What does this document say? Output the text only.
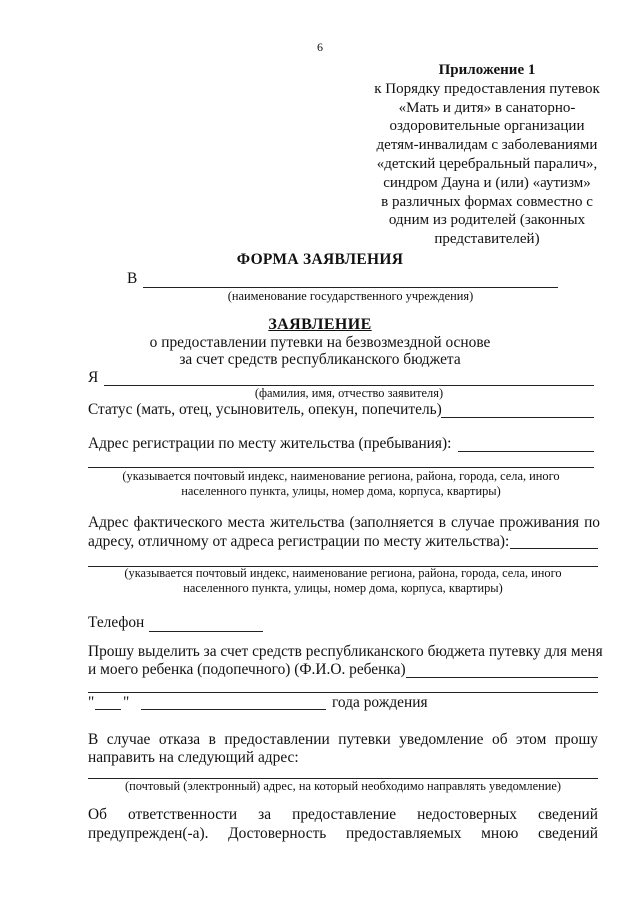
6
Приложение 1
к Порядку предоставления путевок
«Мать и дитя» в санаторно-
оздоровительные организации
детям-инвалидам с заболеваниями
«детский церебральный паралич»,
синдром Дауна и (или) «аутизм»
в различных формах совместно с
одним из родителей (законных
представителей)
ФОРМА ЗАЯВЛЕНИЯ
В
(наименование государственного учреждения)
ЗАЯВЛЕНИЕ
о предоставлении путевки на безвозмездной основе
за счет средств республиканского бюджета
Я
(фамилия, имя, отчество заявителя)
Статус (мать, отец, усыновитель, опекун, попечитель)
Адрес регистрации по месту жительства (пребывания):
(указывается почтовый индекс, наименование региона, района, города, села, иного
населенного пункта, улицы, номер дома, корпуса, квартиры)
Адрес фактического места жительства (заполняется в случае проживания по
адресу, отличному от адреса регистрации по месту жительства):
(указывается почтовый индекс, наименование региона, района, города, села, иного
населенного пункта, улицы, номер дома, корпуса, квартиры)
Телефон
Прошу выделить за счет средств республиканского бюджета путевку для меня
и моего ребенка (подопечного) (Ф.И.О. ребенка)
" "	года рождения
В случае отказа в предоставлении путевки уведомление об этом прошу
направить на следующий адрес:
(почтовый (электронный) адрес, на который необходимо направлять уведомление)
Об ответственности за предоставление недостоверных сведений
предупрежден(-а). Достоверность предоставляемых мною сведений
